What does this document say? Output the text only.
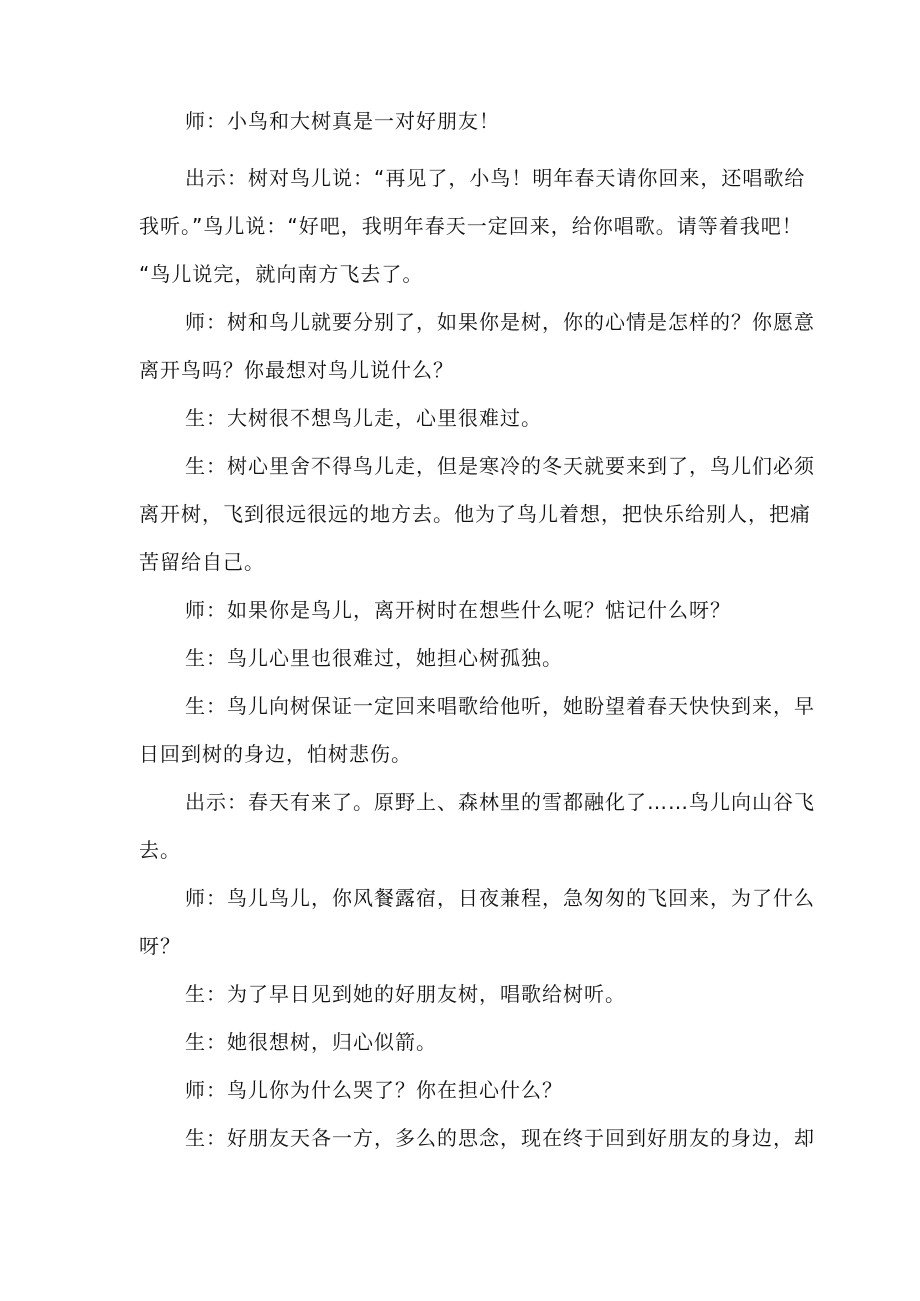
师：小鸟和大树真是一对好朋友！

出示：树对鸟儿说：“再见了，小鸟！明年春天请你回来，还唱歌给
我听。”鸟儿说：“好吧，我明年春天一定回来，给你唱歌。请等着我吧！
“鸟儿说完，就向南方飞去了。

师：树和鸟儿就要分别了，如果你是树，你的心情是怎样的？你愿意
离开鸟吗？你最想对鸟儿说什么？

生：大树很不想鸟儿走，心里很难过。

生：树心里舍不得鸟儿走，但是寒冷的冬天就要来到了，鸟儿们必须
离开树，飞到很远很远的地方去。他为了鸟儿着想，把快乐给别人，把痛
苦留给自己。

师：如果你是鸟儿，离开树时在想些什么呢？惦记什么呀？

生：鸟儿心里也很难过，她担心树孤独。

生：鸟儿向树保证一定回来唱歌给他听，她盼望着春天快快到来，早
日回到树的身边，怕树悲伤。

出示：春天有来了。原野上、森林里的雪都融化了……鸟儿向山谷飞
去。

师：鸟儿鸟儿，你风餐露宿，日夜兼程，急匆匆的飞回来，为了什么
呀？

生：为了早日见到她的好朋友树，唱歌给树听。

生：她很想树，归心似箭。

师：鸟儿你为什么哭了？你在担心什么？

生：好朋友天各一方，多么的思念，现在终于回到好朋友的身边，却
